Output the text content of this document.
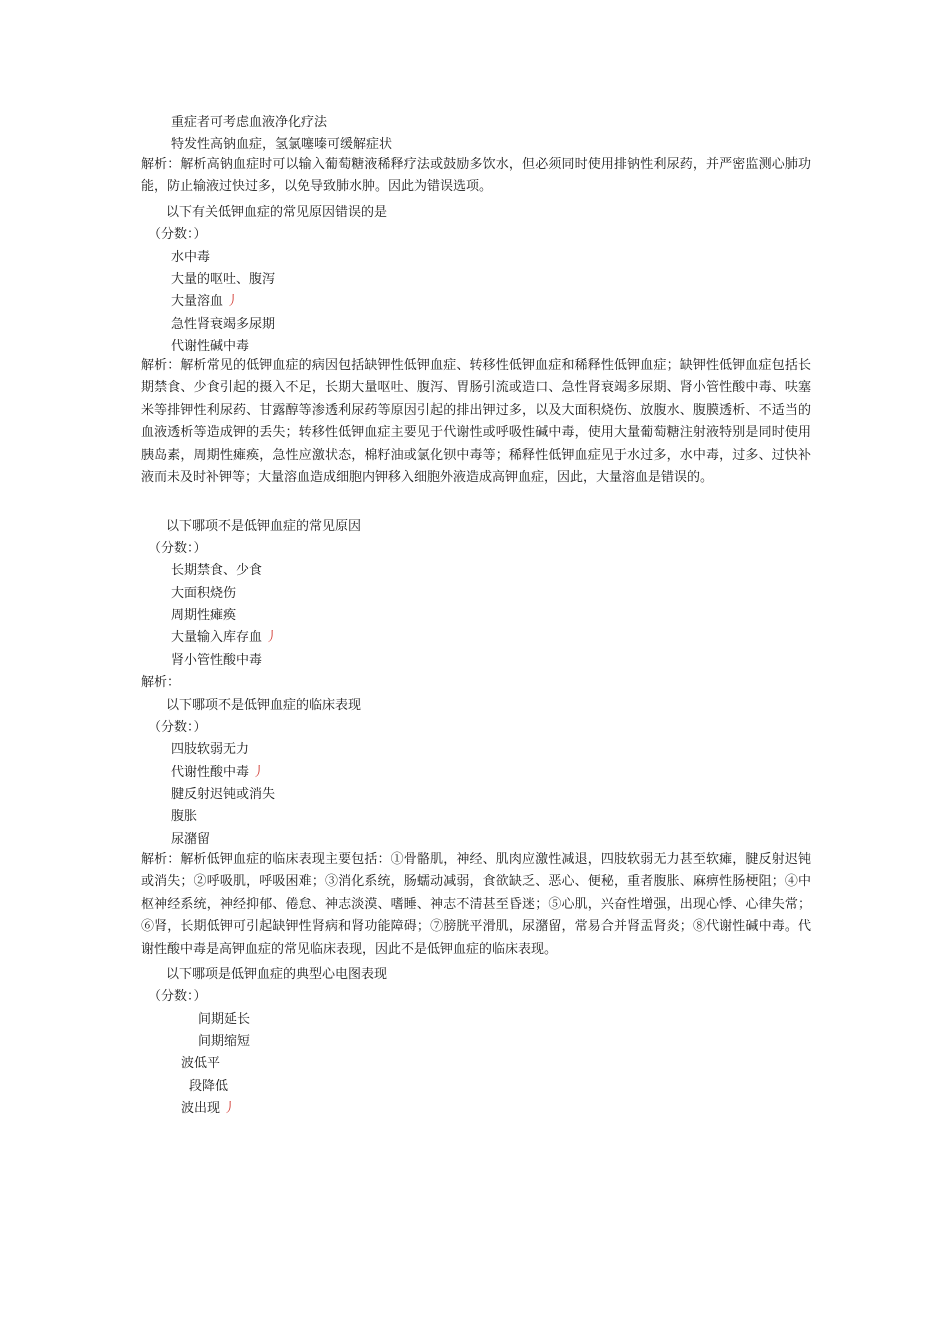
重症者可考虑血液净化疗法
特发性高钠血症，氢氯噻嗪可缓解症状
解析：解析高钠血症时可以输入葡萄糖液稀释疗法或鼓励多饮水，但必须同时使用排钠性利尿药，并严密监测心肺功能，防止输液过快过多，以免导致肺水肿。因此为错误选项。
以下有关低钾血症的常见原因错误的是
（分数：）
水中毒
大量的呕吐、腹泻
大量溶血 丿
急性肾衰竭多尿期
代谢性碱中毒
解析：解析常见的低钾血症的病因包括缺钾性低钾血症、转移性低钾血症和稀释性低钾血症；缺钾性低钾血症包括长期禁食、少食引起的摄入不足，长期大量呕吐、腹泻、胃肠引流或造口、急性肾衰竭多尿期、肾小管性酸中毒、呋塞米等排钾性利尿药、甘露醇等渗透利尿药等原因引起的排出钾过多，以及大面积烧伤、放腹水、腹膜透析、不适当的血液透析等造成钾的丢失；转移性低钾血症主要见于代谢性或呼吸性碱中毒，使用大量葡萄糖注射液特别是同时使用胰岛素，周期性瘫痪，急性应激状态，棉籽油或氯化钡中毒等；稀释性低钾血症见于水过多，水中毒，过多、过快补液而未及时补钾等；大量溶血造成细胞内钾移入细胞外液造成高钾血症，因此，大量溶血是错误的。
以下哪项不是低钾血症的常见原因
（分数：）
长期禁食、少食
大面积烧伤
周期性瘫痪
大量输入库存血 丿
肾小管性酸中毒
解析：
以下哪项不是低钾血症的临床表现
（分数：）
四肢软弱无力
代谢性酸中毒 丿
腱反射迟钝或消失
腹胀
尿潴留
解析：解析低钾血症的临床表现主要包括：①骨骼肌，神经、肌肉应激性减退，四肢软弱无力甚至软瘫，腱反射迟钝或消失；②呼吸肌，呼吸困难；③消化系统，肠蠕动减弱，食欲缺乏、恶心、便秘，重者腹胀、麻痹性肠梗阻；④中枢神经系统，神经抑郁、倦怠、神志淡漠、嗜睡、神志不清甚至昏迷；⑤心肌，兴奋性增强，出现心悸、心律失常；⑥肾，长期低钾可引起缺钾性肾病和肾功能障碍；⑦膀胱平滑肌，尿潴留，常易合并肾盂肾炎；⑧代谢性碱中毒。代谢性酸中毒是高钾血症的常见临床表现，因此不是低钾血症的临床表现。
以下哪项是低钾血症的典型心电图表现
（分数：）
间期延长
间期缩短
波低平
段降低
波出现 丿
